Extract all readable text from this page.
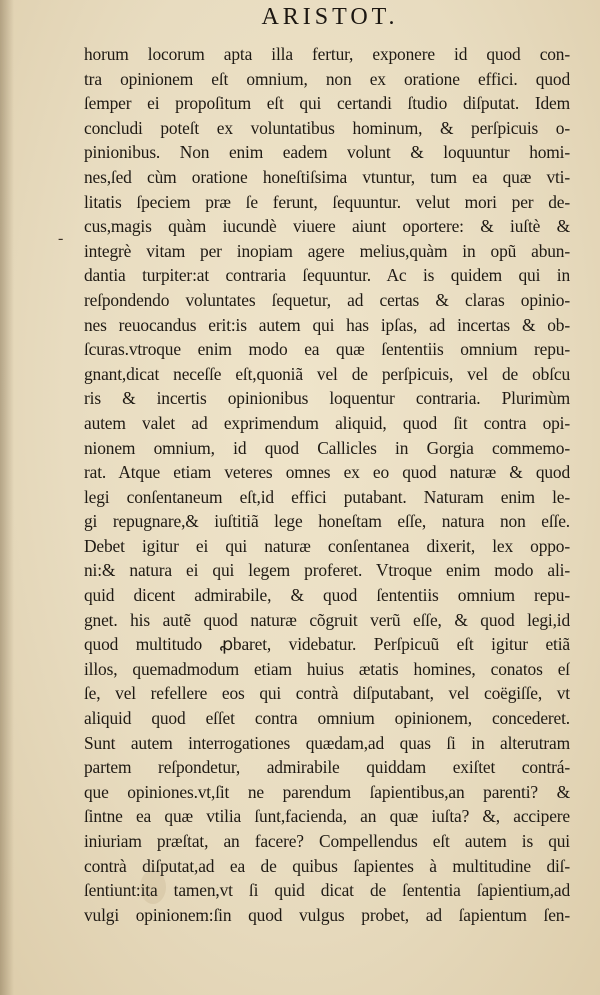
ARISTOT.
-
horum locorum apta illa fertur, exponere id quod con-
tra opinionem eſt omnium, non ex oratione effici. quod
ſemper ei propoſitum eſt qui certandi ſtudio diſputat. Idem
concludi poteſt ex voluntatibus hominum, & perſpicuis o-
pinionibus. Non enim eadem volunt & loquuntur homi-
nes,ſed cùm oratione honeſtiſsima vtuntur, tum ea quæ vti-
litatis ſpeciem præ ſe ferunt, ſequuntur. velut mori per de-
cus,magis quàm iucundè viuere aiunt oportere: & iuſtè &
integrè vitam per inopiam agere melius,quàm in opũ abun-
dantia turpiter:at contraria ſequuntur. Ac is quidem qui in
reſpondendo voluntates ſequetur, ad certas & claras opinio-
nes reuocandus erit:is autem qui has ipſas, ad incertas & ob-
ſcuras.vtroque enim modo ea quæ ſententiis omnium repu-
gnant,dicat neceſſe eſt,quoniã vel de perſpicuis, vel de obſcu
ris & incertis opinionibus loquentur contraria. Plurimùm
autem valet ad exprimendum aliquid, quod ſit contra opi-
nionem omnium, id quod Callicles in Gorgia commemo-
rat. Atque etiam veteres omnes ex eo quod naturæ & quod
legi conſentaneum eſt,id effici putabant. Naturam enim le-
gi repugnare,& iuſtitiã lege honeſtam eſſe, natura non eſſe.
Debet igitur ei qui naturæ conſentanea dixerit, lex oppo-
ni:& natura ei qui legem proferet. Vtroque enim modo ali-
quid dicent admirabile, & quod ſententiis omnium repu-
gnet. his autẽ quod naturæ cõgruit verũ eſſe, & quod legi,id
quod multitudo ꝓbaret, videbatur. Perſpicuũ eſt igitur etiã
illos, quemadmodum etiam huius ætatis homines, conatos eſ
ſe, vel refellere eos qui contrà diſputabant, vel coëgiſſe, vt
aliquid quod eſſet contra omnium opinionem, concederet.
Sunt autem interrogationes quædam,ad quas ſi in alterutram
partem reſpondetur, admirabile quiddam exiſtet contrá-
que opiniones.vt,ſit ne parendum ſapientibus,an parenti? &
ſintne ea quæ vtilia ſunt,facienda, an quæ iuſta? &, accipere
iniuriam præſtat, an facere? Compellendus eſt autem is qui
contrà diſputat,ad ea de quibus ſapientes à multitudine diſ-
ſentiunt:ita tamen,vt ſi quid dicat de ſententia ſapientium,ad
vulgi opinionem:ſin quod vulgus probet, ad ſapientum ſen-
